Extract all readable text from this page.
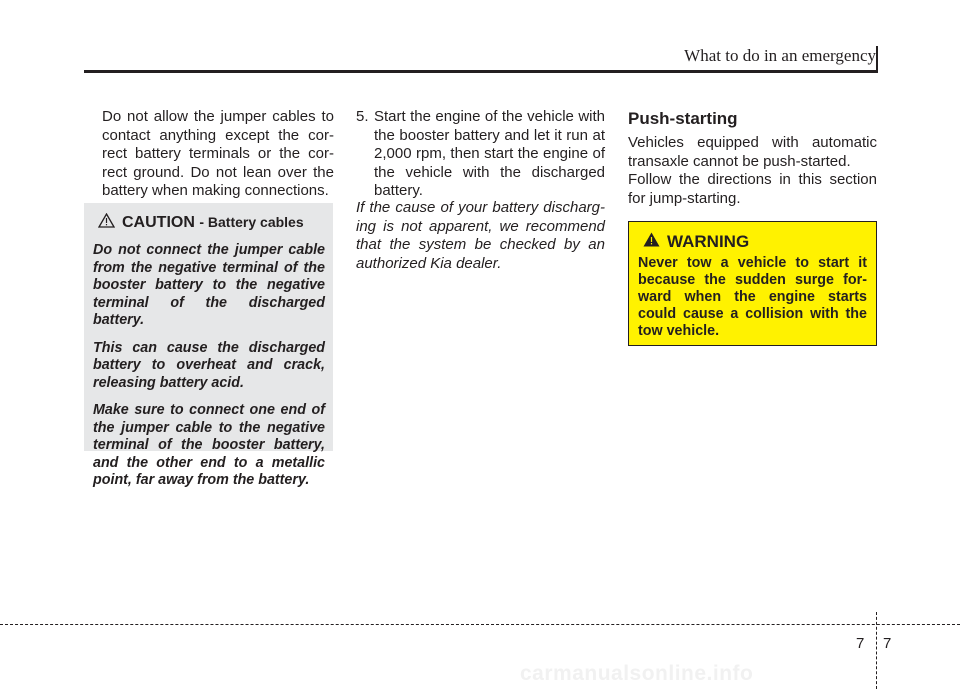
What to do in an emergency

Do not allow the jumper cables to contact anything except the cor-rect battery terminals or the cor-rect ground. Do not lean over the battery when making connections.

CAUTION - Battery cables

Do not connect the jumper cable from the negative terminal of the booster battery to the negative terminal of the discharged battery.

This can cause the discharged battery to overheat and crack, releasing battery acid.

Make sure to connect one end of the jumper cable to the negative terminal of the booster battery, and the other end to a metallic point, far away from the battery.

5. Start the engine of the vehicle with the booster battery and let it run at 2,000 rpm, then start the engine of the vehicle with the discharged battery.

If the cause of your battery discharg-ing is not apparent, we recommend that the system be checked by an authorized Kia dealer.

Push-starting

Vehicles equipped with automatic transaxle cannot be push-started.

Follow the directions in this section for jump-starting.

WARNING

Never tow a vehicle to start it because the sudden surge for-ward when the engine starts could cause a collision with the tow vehicle.

7 7
carmanualsonline.info
